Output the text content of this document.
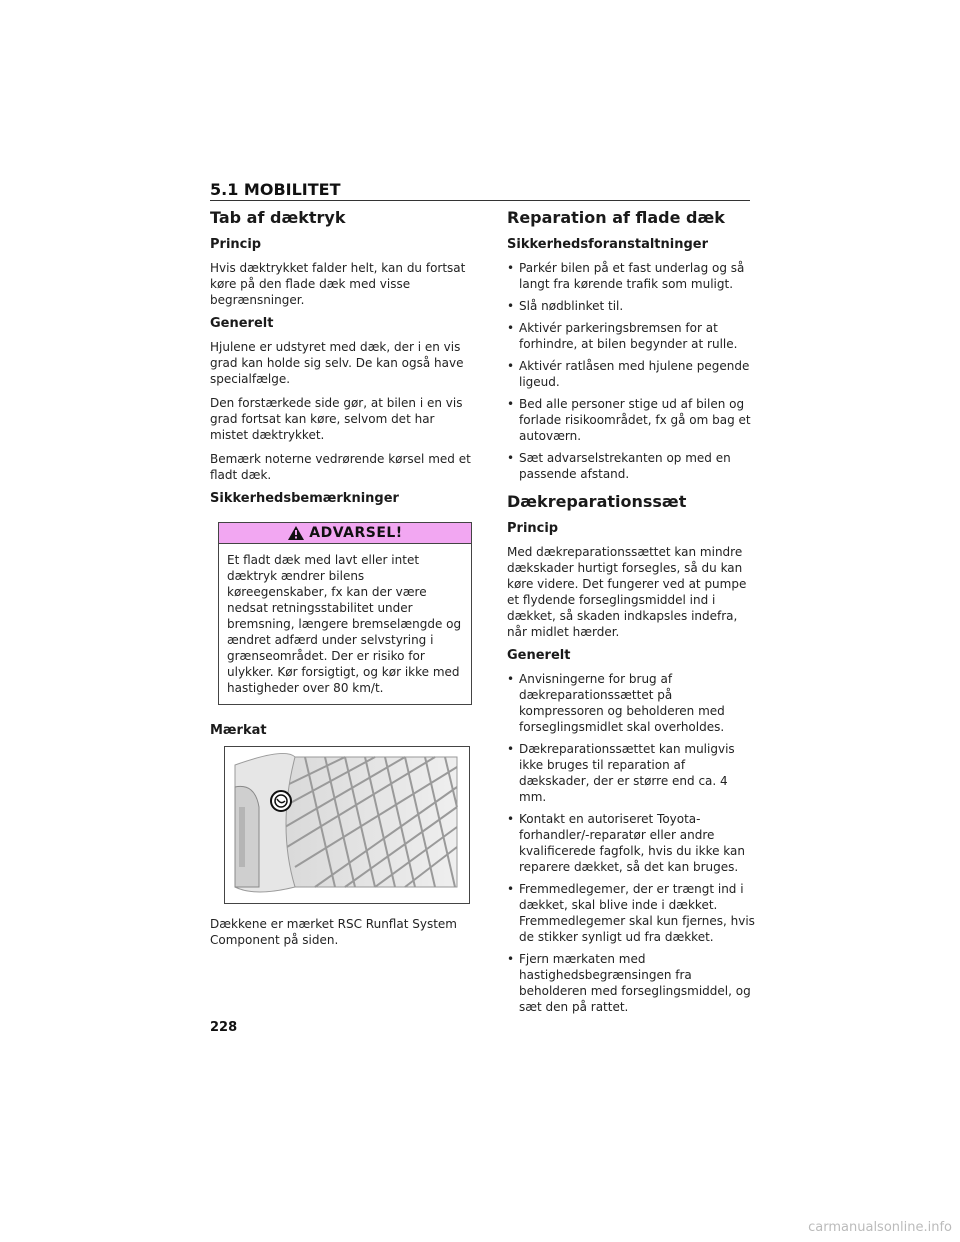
5.1 MOBILITET
Tab af dæktryk
Princip

Hvis dæktrykket falder helt, kan du fortsat køre på den flade dæk med visse begrænsninger.

Generelt

Hjulene er udstyret med dæk, der i en vis grad kan holde sig selv. De kan også have specialfælge.

Den forstærkede side gør, at bilen i en vis grad fortsat kan køre, selvom det har mistet dæktrykket.

Bemærk noterne vedrørende kørsel med et fladt dæk.

Sikkerhedsbemærkninger
ADVARSEL!
Et fladt dæk med lavt eller intet dæktryk ændrer bilens køreegenskaber, fx kan der være nedsat retningsstabilitet under bremsning, længere bremselængde og ændret adfærd under selvstyring i grænseområdet. Der er risiko for ulykker. Kør forsigtigt, og kør ikke med hastigheder over 80 km/t.
Mærkat

Dækkene er mærket RSC Runflat System Component på siden.

Reparation af flade dæk
Sikkerhedsforanstaltninger
• Parkér bilen på et fast underlag og så langt fra kørende trafik som muligt.
• Slå nødblinket til.
• Aktivér parkeringsbremsen for at forhindre, at bilen begynder at rulle.
• Aktivér ratlåsen med hjulene pegende ligeud.
• Bed alle personer stige ud af bilen og forlade risikoområdet, fx gå om bag et autoværn.
• Sæt advarselstrekanten op med en passende afstand.
Dækreparationssæt
Princip

Med dækreparationssættet kan mindre dækskader hurtigt forsegles, så du kan køre videre. Det fungerer ved at pumpe et flydende forseglingsmiddel ind i dækket, så skaden indkapsles indefra, når midlet hærder.

Generelt
• Anvisningerne for brug af dækreparationssættet på kompressoren og beholderen med forseglingsmidlet skal overholdes.
• Dækreparationssættet kan muligvis ikke bruges til reparation af dækskader, der er større end ca. 4 mm.
• Kontakt en autoriseret Toyota-forhandler/-reparatør eller andre kvalificerede fagfolk, hvis du ikke kan reparere dækket, så det kan bruges.
• Fremmedlegemer, der er trængt ind i dækket, skal blive inde i dækket. Fremmedlegemer skal kun fjernes, hvis de stikker synligt ud fra dækket.
• Fjern mærkaten med hastighedsbegrænsingen fra beholderen med forseglingsmiddel, og sæt den på rattet.
228
carmanualsonline.info
